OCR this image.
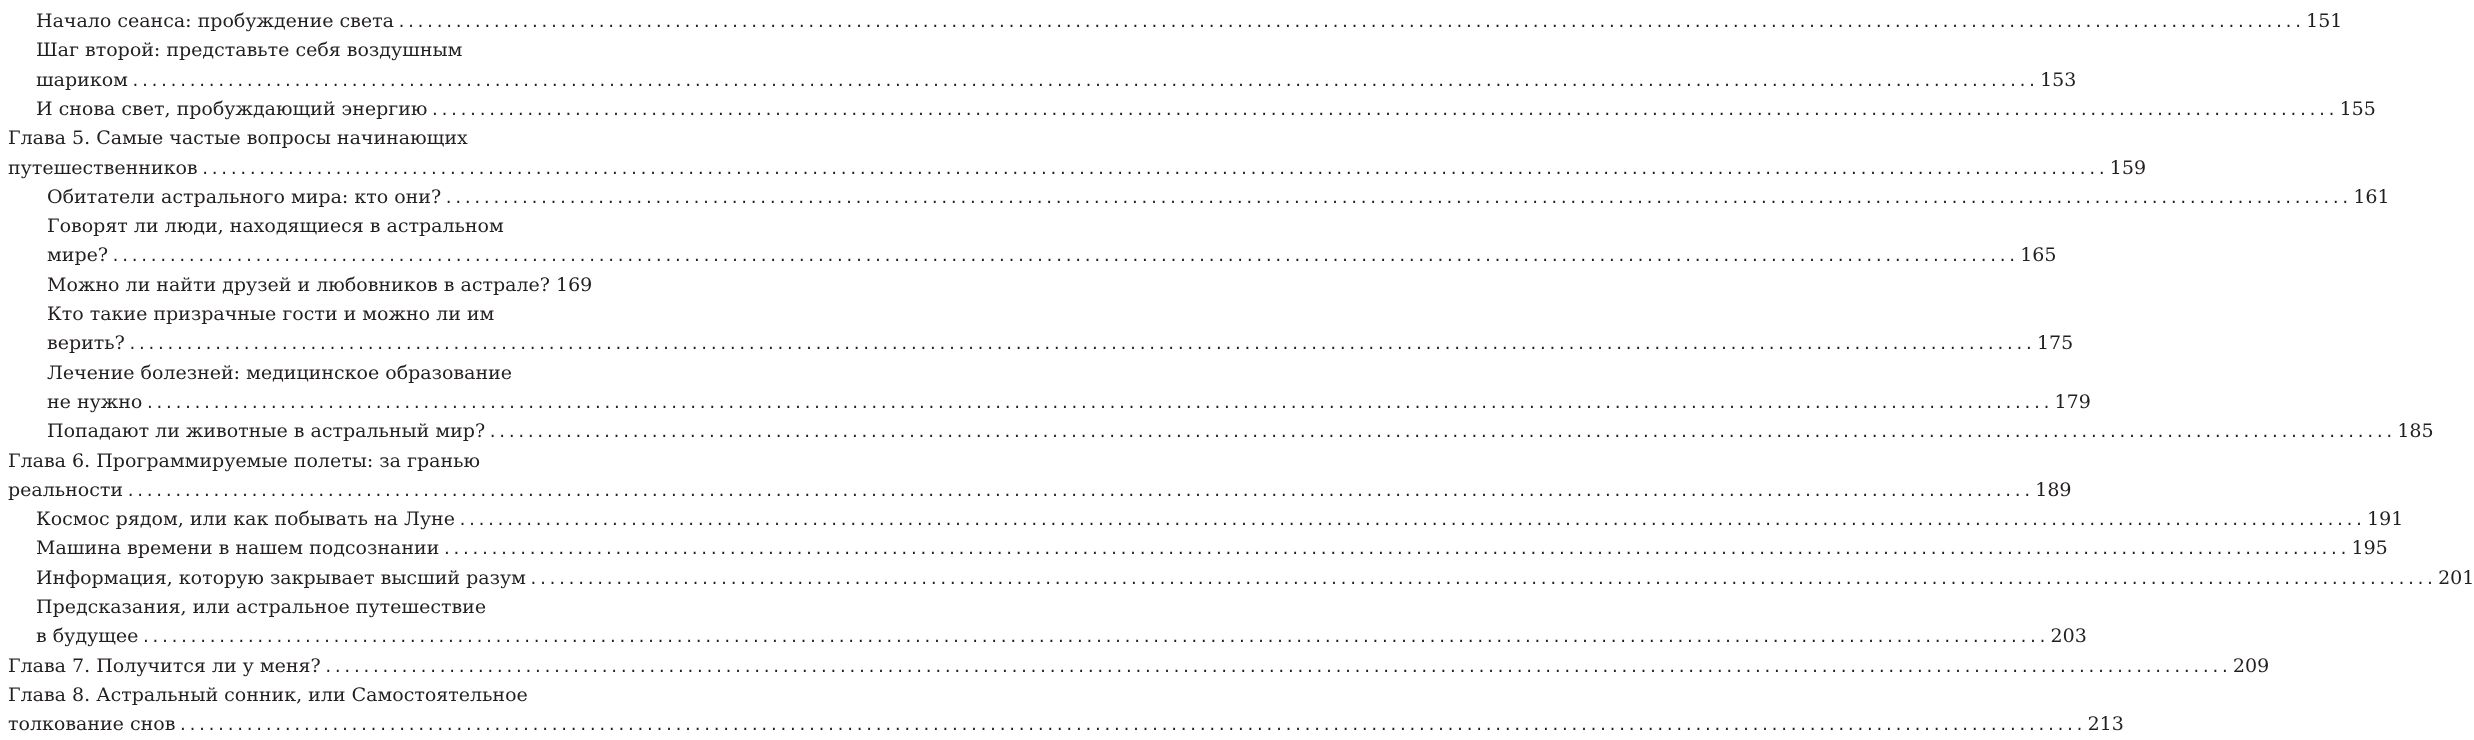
Начало сеанса: пробуждение света ........................................................................................................................................................................................................ 151
Шаг второй: представьте себя воздушным
шариком ........................................................................................................................................................................................................ 153
И снова свет, пробуждающий энергию ........................................................................................................................................................................................................ 155
Глава 5. Самые частые вопросы начинающих
путешественников ........................................................................................................................................................................................................ 159
Обитатели астрального мира: кто они? ........................................................................................................................................................................................................ 161
Говорят ли люди, находящиеся в астральном
мире? ........................................................................................................................................................................................................ 165
Можно ли найти друзей и любовников в астрале? 169
Кто такие призрачные гости и можно ли им
верить? ........................................................................................................................................................................................................ 175
Лечение болезней: медицинское образование
не нужно ........................................................................................................................................................................................................ 179
Попадают ли животные в астральный мир? ........................................................................................................................................................................................................ 185
Глава 6. Программируемые полеты: за гранью
реальности ........................................................................................................................................................................................................ 189
Космос рядом, или как побывать на Луне ........................................................................................................................................................................................................ 191
Машина времени в нашем подсознании ........................................................................................................................................................................................................ 195
Информация, которую закрывает высший разум ........................................................................................................................................................................................................ 201
Предсказания, или астральное путешествие
в будущее ........................................................................................................................................................................................................ 203
Глава 7. Получится ли у меня? ........................................................................................................................................................................................................ 209
Глава 8. Астральный сонник, или Самостоятельное
толкование снов ........................................................................................................................................................................................................ 213
